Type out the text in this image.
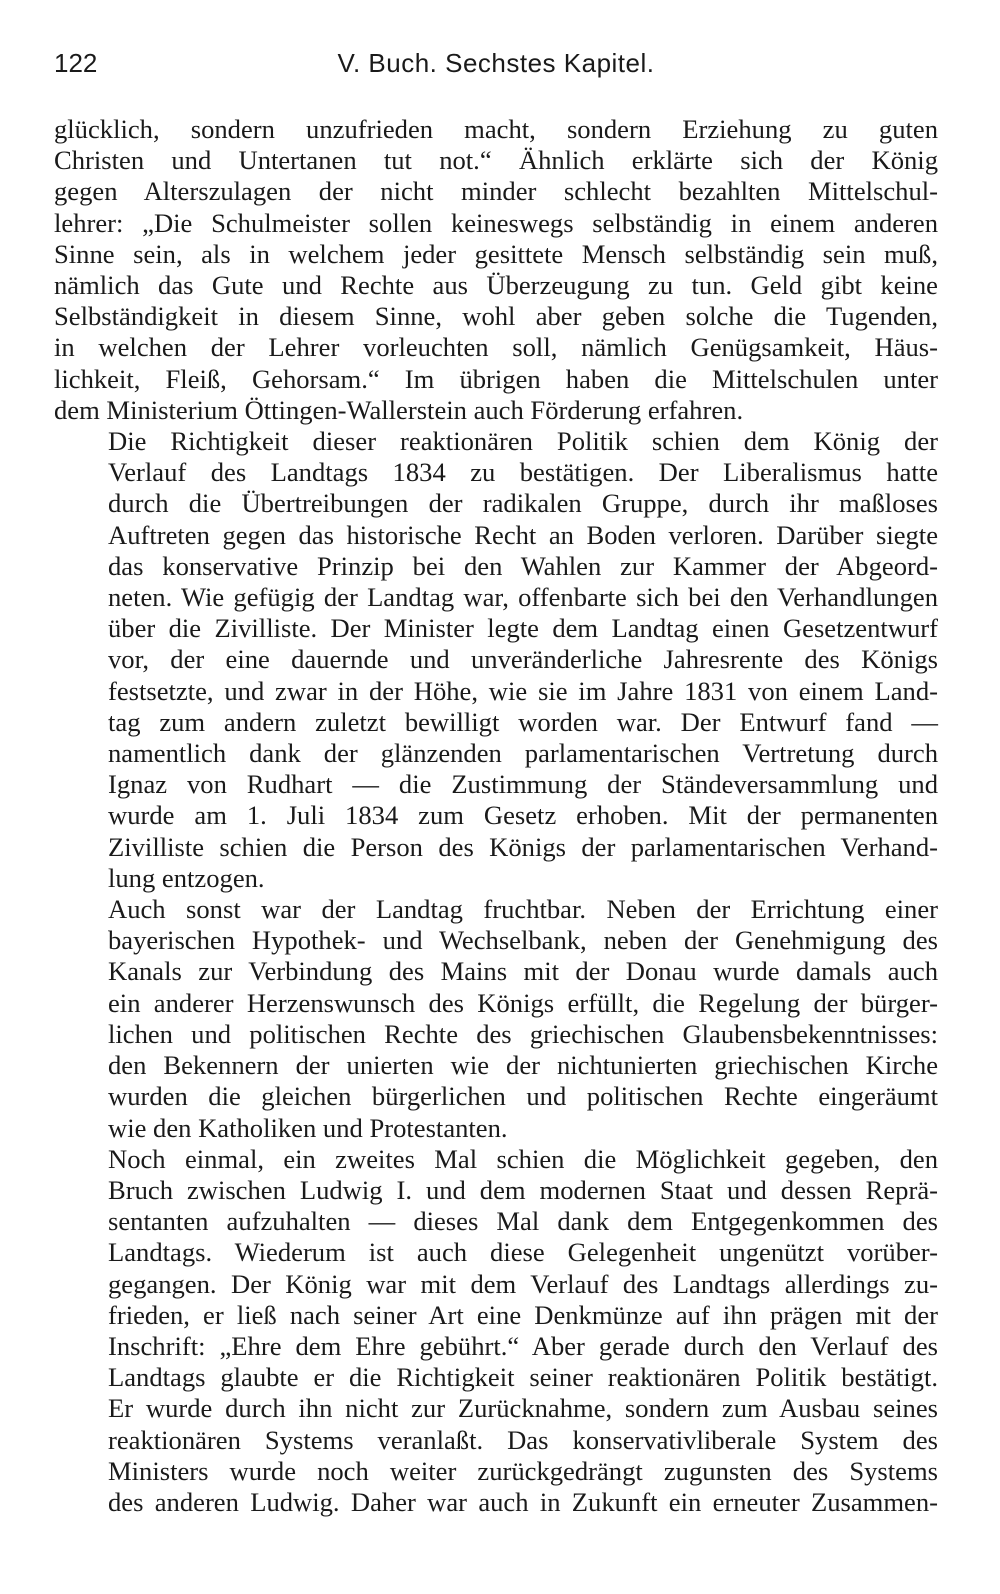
122	V. Buch. Sechstes Kapitel.

glücklich, sondern unzufrieden macht, sondern Erziehung zu guten
Christen und Untertanen tut not.“ Ähnlich erklärte sich der König
gegen Alterszulagen der nicht minder schlecht bezahlten Mittelschul-
lehrer: „Die Schulmeister sollen keineswegs selbständig in einem anderen
Sinne sein, als in welchem jeder gesittete Mensch selbständig sein muß,
nämlich das Gute und Rechte aus Überzeugung zu tun. Geld gibt keine
Selbständigkeit in diesem Sinne, wohl aber geben solche die Tugenden,
in welchen der Lehrer vorleuchten soll, nämlich Genügsamkeit, Häus-
lichkeit, Fleiß, Gehorsam.“ Im übrigen haben die Mittelschulen unter
dem Ministerium Öttingen-Wallerstein auch Förderung erfahren.

Die Richtigkeit dieser reaktionären Politik schien dem König der
Verlauf des Landtags 1834 zu bestätigen. Der Liberalismus hatte
durch die Übertreibungen der radikalen Gruppe, durch ihr maßloses
Auftreten gegen das historische Recht an Boden verloren. Darüber siegte
das konservative Prinzip bei den Wahlen zur Kammer der Abgeord-
neten. Wie gefügig der Landtag war, offenbarte sich bei den Verhandlungen
über die Zivilliste. Der Minister legte dem Landtag einen Gesetzentwurf
vor, der eine dauernde und unveränderliche Jahresrente des Königs
festsetzte, und zwar in der Höhe, wie sie im Jahre 1831 von einem Land-
tag zum andern zuletzt bewilligt worden war. Der Entwurf fand —
namentlich dank der glänzenden parlamentarischen Vertretung durch
Ignaz von Rudhart — die Zustimmung der Ständeversammlung und
wurde am 1. Juli 1834 zum Gesetz erhoben. Mit der permanenten
Zivilliste schien die Person des Königs der parlamentarischen Verhand-
lung entzogen.

Auch sonst war der Landtag fruchtbar. Neben der Errichtung einer
bayerischen Hypothek- und Wechselbank, neben der Genehmigung des
Kanals zur Verbindung des Mains mit der Donau wurde damals auch
ein anderer Herzenswunsch des Königs erfüllt, die Regelung der bürger-
lichen und politischen Rechte des griechischen Glaubensbekenntnisses:
den Bekennern der unierten wie der nichtunierten griechischen Kirche
wurden die gleichen bürgerlichen und politischen Rechte eingeräumt
wie den Katholiken und Protestanten.

Noch einmal, ein zweites Mal schien die Möglichkeit gegeben, den
Bruch zwischen Ludwig I. und dem modernen Staat und dessen Reprä-
sentanten aufzuhalten — dieses Mal dank dem Entgegenkommen des
Landtags. Wiederum ist auch diese Gelegenheit ungenützt vorüber-
gegangen. Der König war mit dem Verlauf des Landtags allerdings zu-
frieden, er ließ nach seiner Art eine Denkmünze auf ihn prägen mit der
Inschrift: „Ehre dem Ehre gebührt.“ Aber gerade durch den Verlauf des
Landtags glaubte er die Richtigkeit seiner reaktionären Politik bestätigt.
Er wurde durch ihn nicht zur Zurücknahme, sondern zum Ausbau seines
reaktionären Systems veranlaßt. Das konservativliberale System des
Ministers wurde noch weiter zurückgedrängt zugunsten des Systems
des anderen Ludwig. Daher war auch in Zukunft ein erneuter Zusammen-
